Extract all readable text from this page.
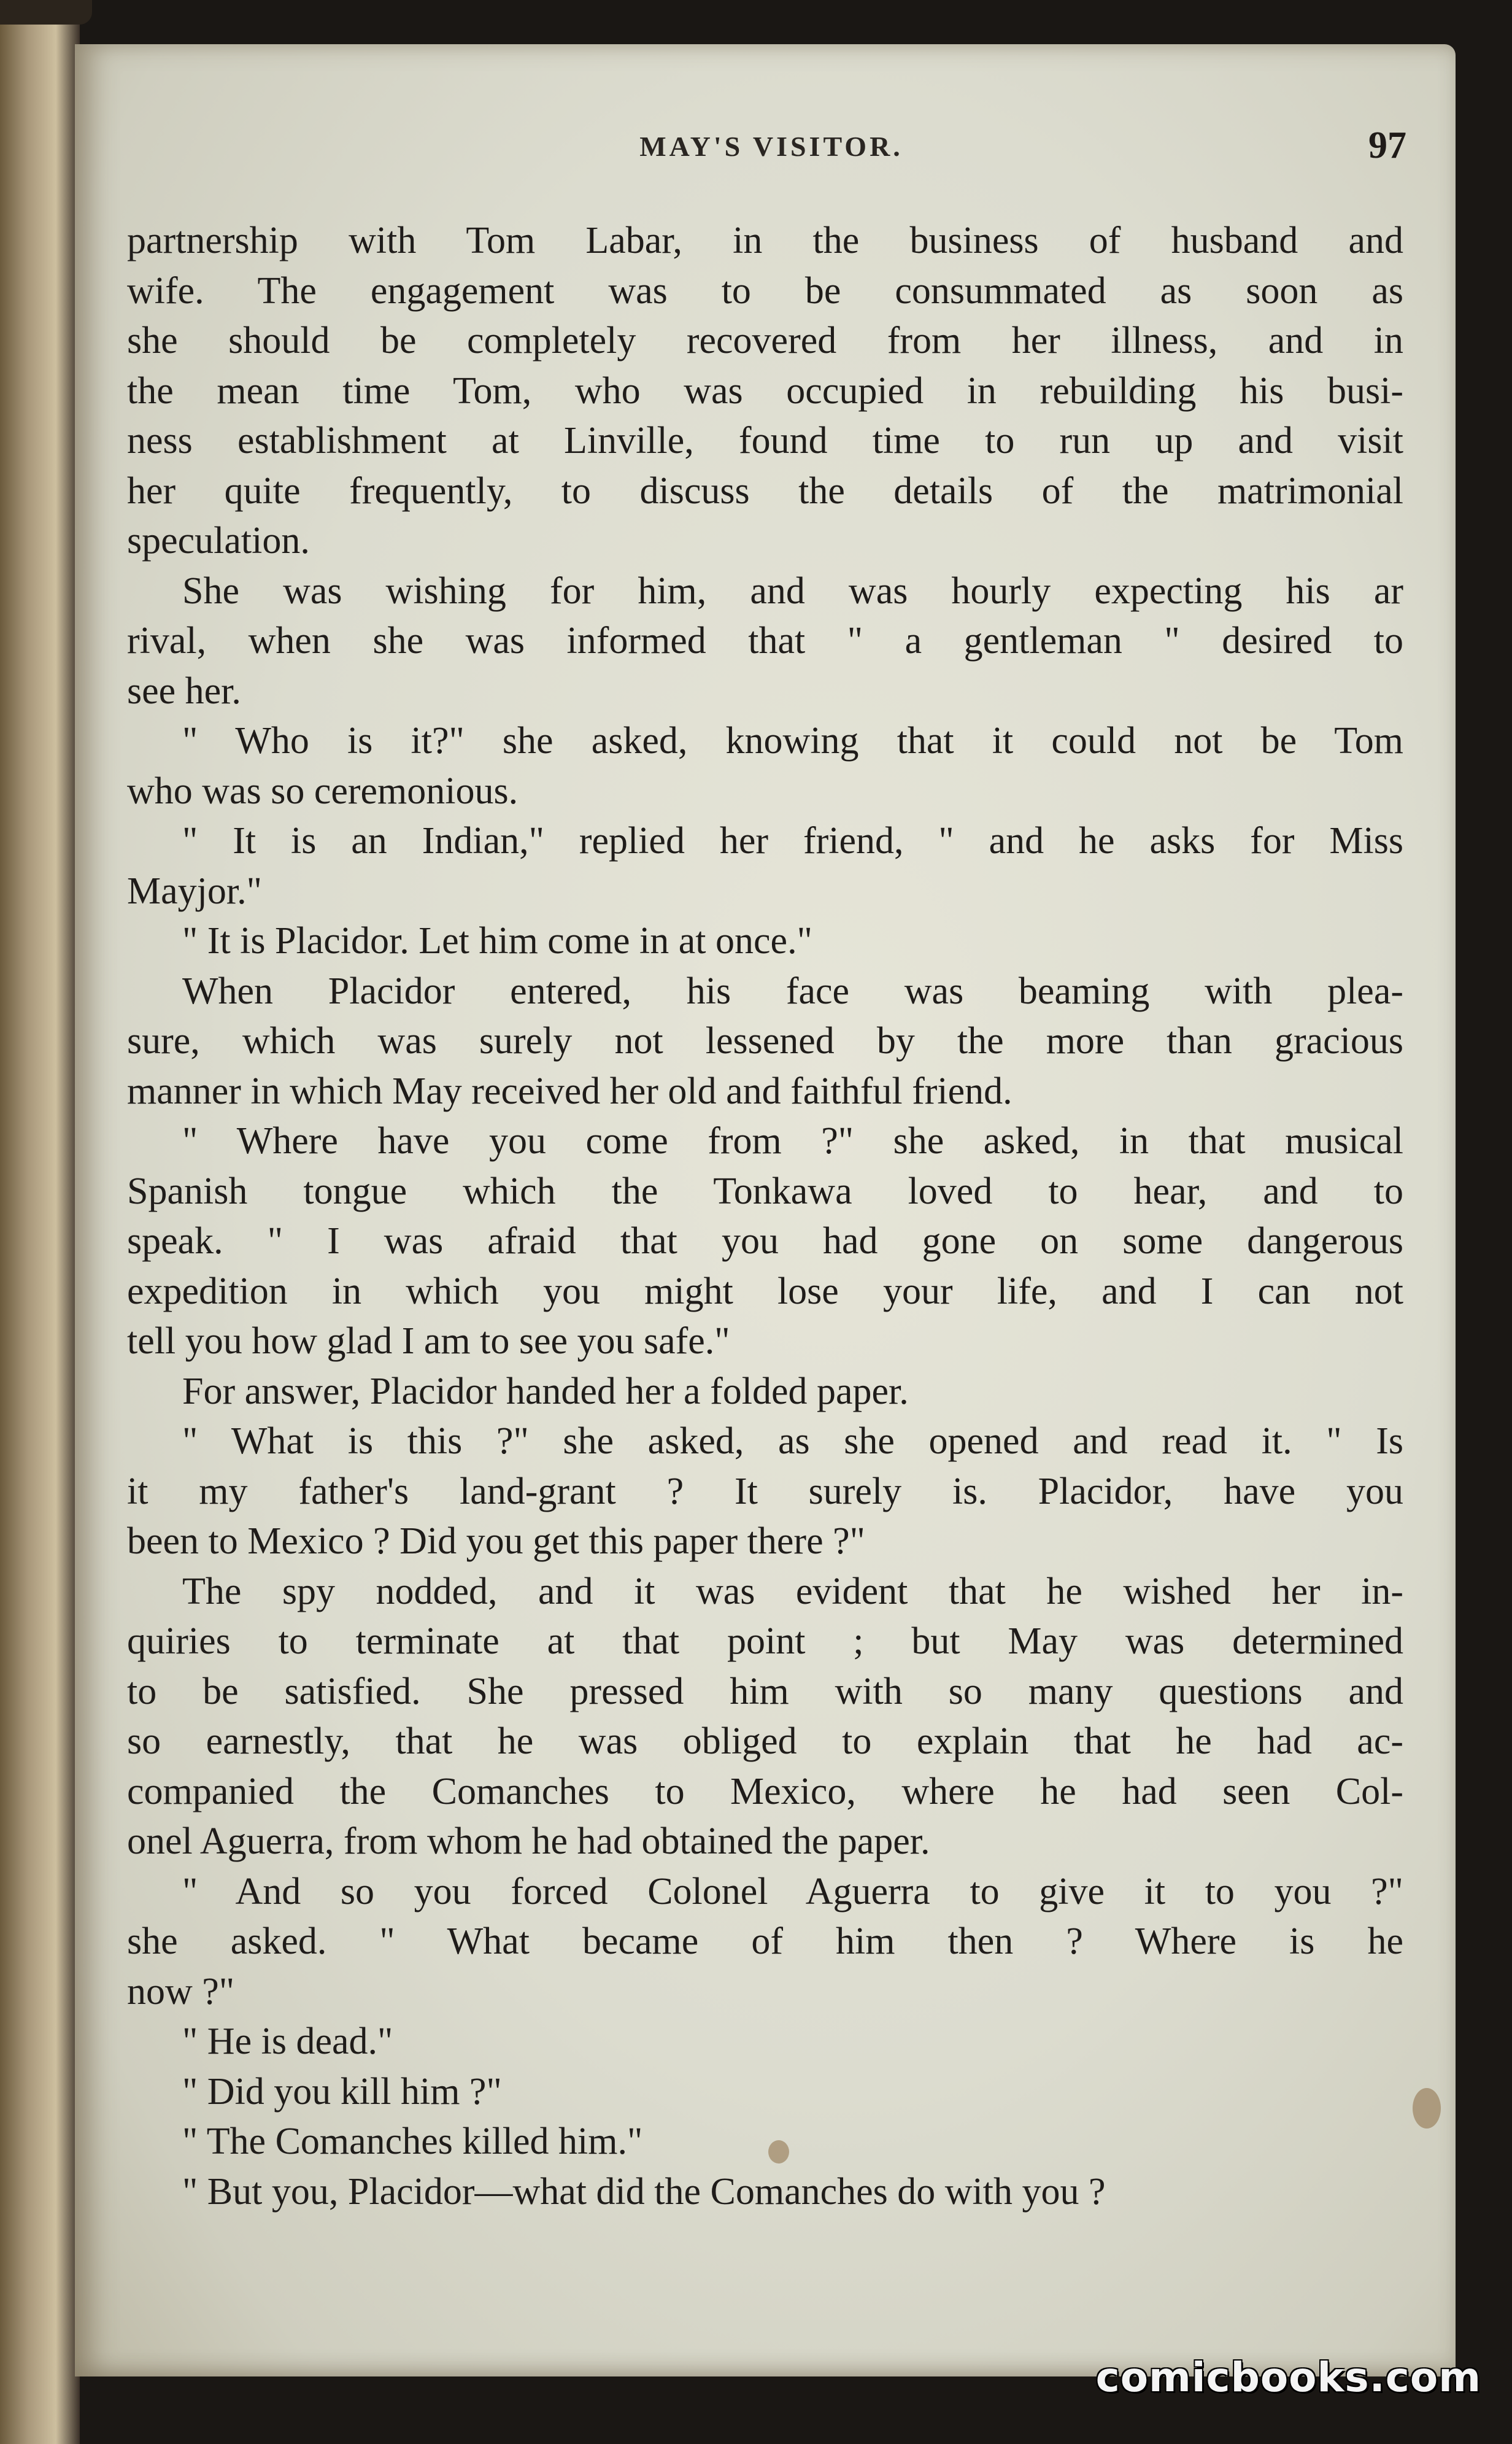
MAY'S VISITOR.	97
partnership with Tom Labar, in the business of husband and
wife. The engagement was to be consummated as soon as
she should be completely recovered from her illness, and in
the mean time Tom, who was occupied in rebuilding his busi-
ness establishment at Linville, found time to run up and visit
her quite frequently, to discuss the details of the matrimonial
speculation.
She was wishing for him, and was hourly expecting his ar
rival, when she was informed that " a gentleman " desired to
see her.
" Who is it?" she asked, knowing that it could not be Tom
who was so ceremonious.
" It is an Indian," replied her friend, " and he asks for Miss
Mayjor."
" It is Placidor. Let him come in at once."
When Placidor entered, his face was beaming with plea-
sure, which was surely not lessened by the more than gracious
manner in which May received her old and faithful friend.
" Where have you come from ?" she asked, in that musical
Spanish tongue which the Tonkawa loved to hear, and to
speak. " I was afraid that you had gone on some dangerous
expedition in which you might lose your life, and I can not
tell you how glad I am to see you safe."
For answer, Placidor handed her a folded paper.
" What is this ?" she asked, as she opened and read it. " Is
it my father's land-grant ? It surely is. Placidor, have you
been to Mexico ? Did you get this paper there ?"
The spy nodded, and it was evident that he wished her in-
quiries to terminate at that point ; but May was determined
to be satisfied. She pressed him with so many questions and
so earnestly, that he was obliged to explain that he had ac-
companied the Comanches to Mexico, where he had seen Col-
onel Aguerra, from whom he had obtained the paper.
" And so you forced Colonel Aguerra to give it to you ?"
she asked. " What became of him then ? Where is he
now ?"
" He is dead."
" Did you kill him ?"
" The Comanches killed him."
" But you, Placidor—what did the Comanches do with you ?
comicbooks.com
